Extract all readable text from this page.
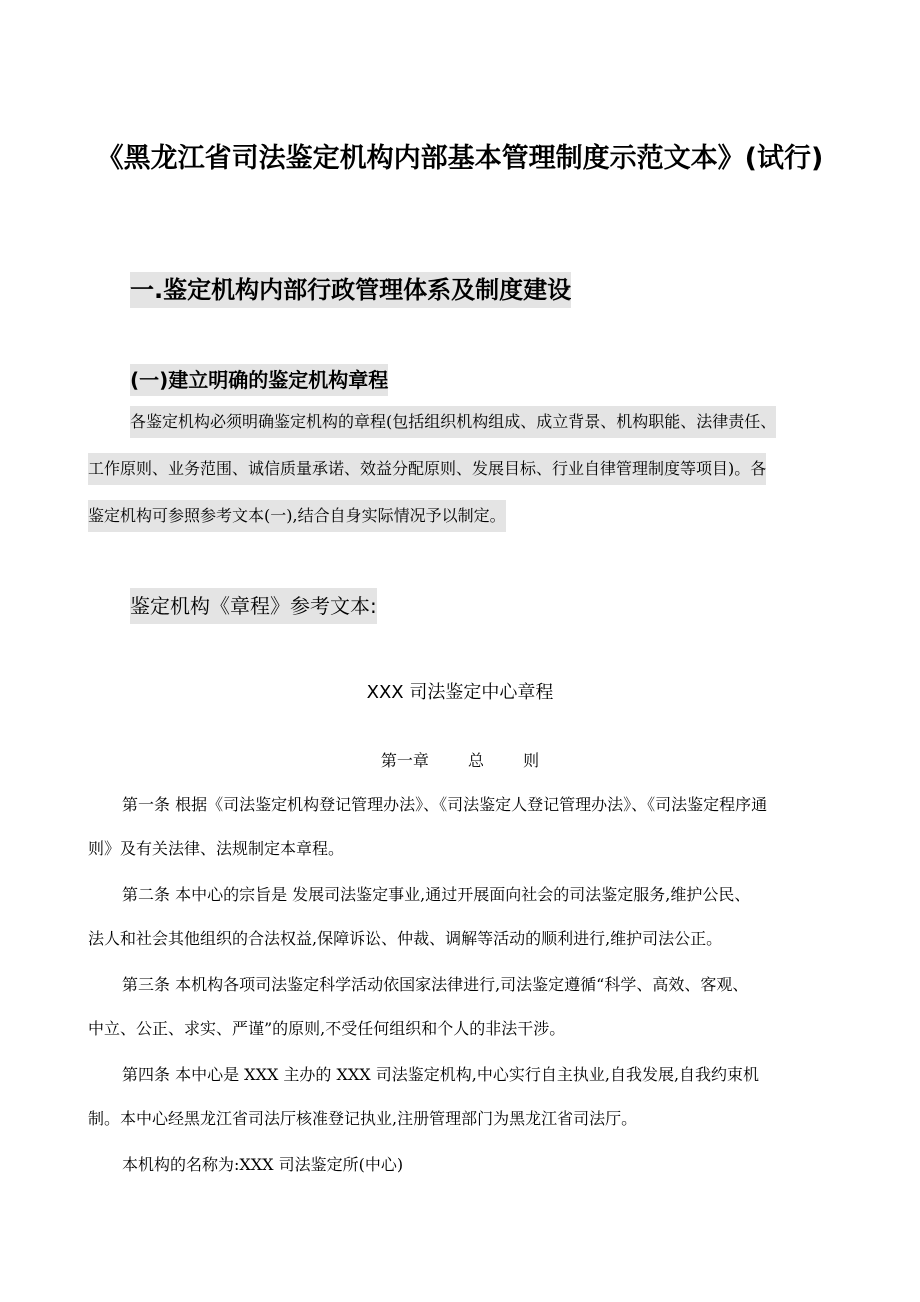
《黑龙江省司法鉴定机构内部基本管理制度示范文本》(试行)
一.鉴定机构内部行政管理体系及制度建设
(一)建立明确的鉴定机构章程
各鉴定机构必须明确鉴定机构的章程(包括组织机构组成、成立背景、机构职能、法律责任、
工作原则、业务范围、诚信质量承诺、效益分配原则、发展目标、行业自律管理制度等项目)。各
鉴定机构可参照参考文本(一),结合自身实际情况予以制定。
鉴定机构《章程》参考文本:
XXX 司法鉴定中心章程
第一章 总 则
第一条 根据《司法鉴定机构登记管理办法》、《司法鉴定人登记管理办法》、《司法鉴定程序通
则》及有关法律、法规制定本章程。
第二条 本中心的宗旨是 发展司法鉴定事业,通过开展面向社会的司法鉴定服务,维护公民、
法人和社会其他组织的合法权益,保障诉讼、仲裁、调解等活动的顺利进行,维护司法公正。
第三条 本机构各项司法鉴定科学活动依国家法律进行,司法鉴定遵循“科学、高效、客观、
中立、公正、求实、严谨”的原则,不受任何组织和个人的非法干涉。
第四条 本中心是 XXX 主办的 XXX 司法鉴定机构,中心实行自主执业,自我发展,自我约束机
制。本中心经黑龙江省司法厅核准登记执业,注册管理部门为黑龙江省司法厅。
本机构的名称为:XXX 司法鉴定所(中心)
